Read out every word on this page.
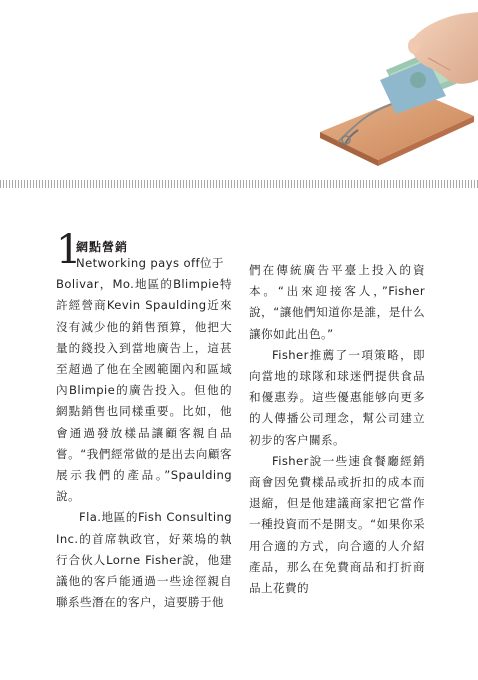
1
網點營銷

Networking pays off位于
Bolivar，Mo.地區的Blimpie特許經營商Kevin Spaulding近來沒有減少他的銷售預算，他把大量的錢投入到當地廣告上，這甚至超過了他在全國範圍內和區域內Blimpie的廣告投入。但他的網點銷售也同樣重要。比如，他會通過發放樣品讓顧客親自品嘗。“我們經常做的是出去向顧客展示我們的產品。”Spaulding說。

Fla.地區的Fish Consulting Inc.的首席執政官，好萊塢的執行合伙人Lorne Fisher說，他建議他的客戶能通過一些途徑親自聯系些潛在的客户，這要勝于他

們在傳統廣告平臺上投入的資本。“出來迎接客人，”Fisher說，“讓他們知道你是誰，是什么讓你如此出色。”

Fisher推薦了一項策略，即向當地的球隊和球迷們提供食品和優惠券。這些優惠能够向更多的人傳播公司理念，幫公司建立初步的客户關系。

Fisher說一些速食餐廳經銷商會因免費樣品或折扣的成本而退縮，但是他建議商家把它當作一種投資而不是開支。“如果你采用合適的方式，向合適的人介紹產品，那么在免費商品和打折商品上花費的
